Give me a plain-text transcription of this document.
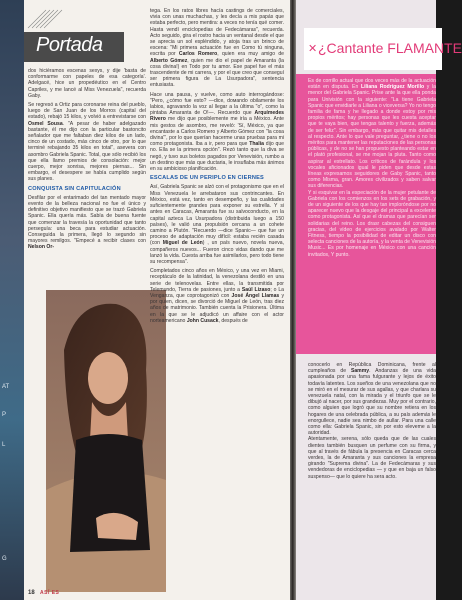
AT
P
L
G
Portada

dos hicièramos escenas sexys, y dije 'basta de conformarme con papeles de esa categoría'. Adelgacé, hice un propedéutico en el Centro Capriles, y me lancé al Miss Venezuela", recuerda Gaby.

Se regresó a Ortiz para coronarse reina del pueblo, luego de San Juan de los Morros (capital del estado), rebajó 15 kilos, y volvió a entrevistarse con Osmel Sousa. "A pesar de haber adelgazado bastante, él me dijo con la particular bastoncito señalador que me faltaban diez kilos de un lado, cinco de un costado, más cinco de otro, por lo que terminé rebajando 35 kilos en total", asevera con asombro Gabriela Spanic. Total, que sólo recibió los que ella llamo premios de consolación: mejor cuerpo, mejor sonrisa, mejores piernas... Sin embargo, el desespere se había cumplido según sus planes.

CONQUISTA SIN CAPITULACIÓN

Desfilar por el entarimado del tan mentado mayor evento de la belleza nacional no fue el único y definitivo objetivo manifiesto que se trazó Gabriela Spanic. Ella quería más. Sabía de buena fuente que comenzar la travesía la oportunidad que tanto perseguía: una beca para estudiar actuación. Conseguida la primera, llegó lo segundo sin mayores remilgos. "Empecé a recibir clases con Nelson Or-

tega. En los ratos libres hacía castings de comerciales, viviа con unas muchachas, y les decía a mis papás que estaba perfecto, pero mentira: a veces no tenía qué comer. Hasta vendí enciclopedias de Fedecámaras", recuerda. Acto seguido, gira el rostro hacia un ventanal desde el que se aprecia un sol espléndido, y atoja tras un brinco de escena: "Mi primera actuación fue en Como tú ninguna, escrita por Carlos Romero, quien era muy amigo de Alberto Gómez, quien me dio el papel de Amarantа (la cosa divina!) en Todo por tu amor. Ese papel fue el más trascendente de mi carrera, y por el que creo que conseguí ser primera figura de La Usurpadora", sentencia entusiasta.

Hace una pausa, y vuelve, como auto interrogándose: "Pero, ¿cómo fue esto? —dice, doмando obilamente los labios, agravando la voz al llegar a la última "o", como la pintaba Amarantа de O!—. Recuerdo que Arquímedes Rivero me dijo que posiblemente me iría a México. Ante mis gestos de asombro, me reveló: 'Sí, México, ya que encantaste a Carlos Romero y Alberto Gómez con "la cosa divina"', por lo que querían hacerme unas pruebas para mi como protagonista. Iba a ir, pero para que Thalía dijo que no. Ella se la primera opción". Rezó tanto que la diva se negó, y tuvo sus boletos pagados por Venevisión, rumbo a un destino que más que ductaria, le insuflaba más ánimos en su ambicioso planificación.

ESCALAS DE UN PERIPLO EN CIERNES

Así, Gabriela Spanic se alzó con el protagonismo que en el Miss Venezuela le arrebataron sus contrincantes. En México, está vez, tanto en desempeño, y las cualidades suficientemente grandes para exponer su estrella. Y si antes en Caracas, Amarantа fue su salvoconducto, en la capital azteca La Usurpadora (distribuida luego a 150 países), le valió una propulsión cercana a un cohete camino a Plutón. "Recuerdo —dice Spanic— que fue un proceso de adaptación muy difícil: estaba recién casada (con Miguel de León) , un país nuevo, novela nueva, compañeros nuevos... Fueron cinco vidas dando que me lanzó la vida. Cuesta arriba fue asimilarlos, pero todo tiene su recompensa".

Completados cinco años en México, y una vez en Miami, receptáculo de la latinidad, la venezolana destiló en una serie de telenovelas. Entre ellas, la transmitida por Telemundo, Tierra de pasiones, junto a Saúl Lizaso; o La Venganza, que coprotagonizó con José Ángel Llamas y por quien, dicen, se divorció de Miguel de León, tras diez años de matrimonio. También cuenta la Prisionera. Última en la que se le adjudicó un affaire con el actor norteamericano John Cusack, después de

18 ASÍ ES
✕ ¿Cantante FLAMANTE

Es de corrillo actual que dos veces más de la actuación están en disputa. En Liliana Rodríguez Morillo y la menor del Gabriela Spanic. Prise ante la que ella ponda para Univisión con la siguiente: "La tiene Gabriela Spanic que envidiarle a Liliana o viceversa? Yo no tengo familia de fama y he llegado a donde estoy por mis propios méritos; hay personas que les cuesta aceptar que te vaya bien, que tengas talento y fuerza, además de ser feliz". Sin embargo, más que quitar mis detalles al respecto. Ante lo que vale preguntar, ¿tiene o no los méritos para mantener las reputaciones de las personas públicas, y de no se han propuesto planteando estar en el plató profesional, se me mojan la pluta. Tanto como aspirar al estrellato. Los críticos de farándula y los vocales aficionados igual le piden que desde estas líneas expresamos seguidores de Gaby Spanic, tanto como Misma, gran. Amores civilizados y saben salvar sus diferencias.

Y si esquivar en la especiación de la mujer petulante de Gabriela con los comienzos en los sets de grabación, y de un siguiente de los que hay tan imploróndose por no aparecer nuevo que la desgaje del principal a excelente como protagonista. Así que el dramas que parecían ser solidarias del reino. Los drasr cabezas del consiguen gracias, del vídeo de ejercicios avalado por Walter Fitness, tiempo la posibilidad de editar un disco con selecta canciones de la autoría, y la venta de Venevisión Music... Es por homenaje en México con una canción invitados, Y punto.

conocerlo en República Dominicana, frente al cumpleaños de Sammy. Andanzas de una vida apasionada por una fama fulgurante y lejos de éxito todavía latentes. Los sueños de una venezolana que no se miró en el mesurar de sus agallas, y que charlara su venezuela natal, con la mirada y el triunfo que se le dibujó al nacer, por sus grandezas. Muy por el contrario, como alguien que logró que su nombre retiera en los hogares de una celebrada pública, a su país además le enorgullece, nadie sea nimbo de aullar. Para una calle como ella: Gabriela Spanic, sin por esto eleveme a la autoridad.

Atentamente, serena, sólo queda que de las cuales dientes también busquen un perfume con su firma, y que al través de fábula la presencia en Caracas cerca verdes, la de Amarantа y sus canciones la empresa girando "Suprema divina". La de Fedecámaras y sus vendedoras de enciclopedias — y que en baja un falso suspenso— que lo quiere ha sera acto.
